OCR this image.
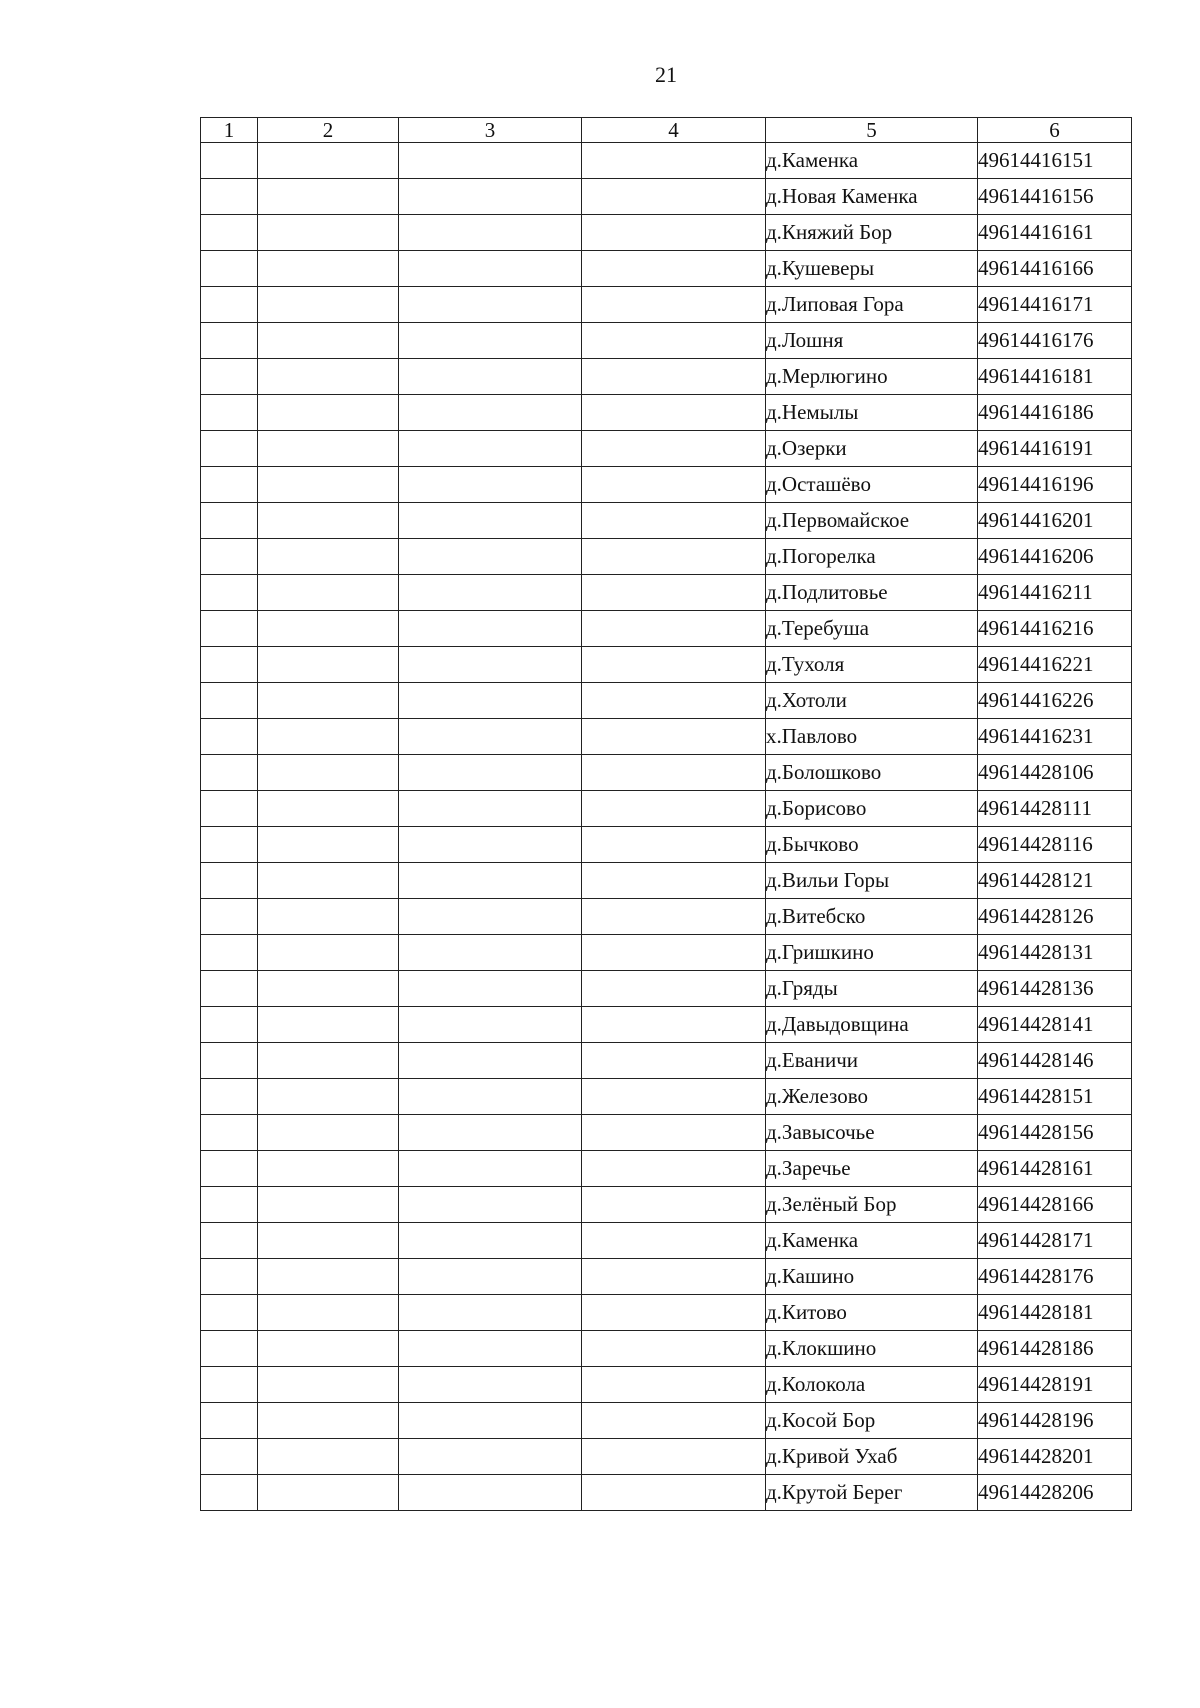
21
1	2	3	4	5	6
				д.Каменка	49614416151
				д.Новая Каменка	49614416156
				д.Княжий Бор	49614416161
				д.Кушеверы	49614416166
				д.Липовая Гора	49614416171
				д.Лошня	49614416176
				д.Мерлюгино	49614416181
				д.Немылы	49614416186
				д.Озерки	49614416191
				д.Осташёво	49614416196
				д.Первомайское	49614416201
				д.Погорелка	49614416206
				д.Подлитовье	49614416211
				д.Теребуша	49614416216
				д.Тухоля	49614416221
				д.Хотоли	49614416226
				х.Павлово	49614416231
				д.Болошково	49614428106
				д.Борисово	49614428111
				д.Бычково	49614428116
				д.Вильи Горы	49614428121
				д.Витебско	49614428126
				д.Гришкино	49614428131
				д.Гряды	49614428136
				д.Давыдовщина	49614428141
				д.Еваничи	49614428146
				д.Железово	49614428151
				д.Завысочье	49614428156
				д.Заречье	49614428161
				д.Зелёный Бор	49614428166
				д.Каменка	49614428171
				д.Кашино	49614428176
				д.Китово	49614428181
				д.Клокшино	49614428186
				д.Колокола	49614428191
				д.Косой Бор	49614428196
				д.Кривой Ухаб	49614428201
				д.Крутой Берег	49614428206
